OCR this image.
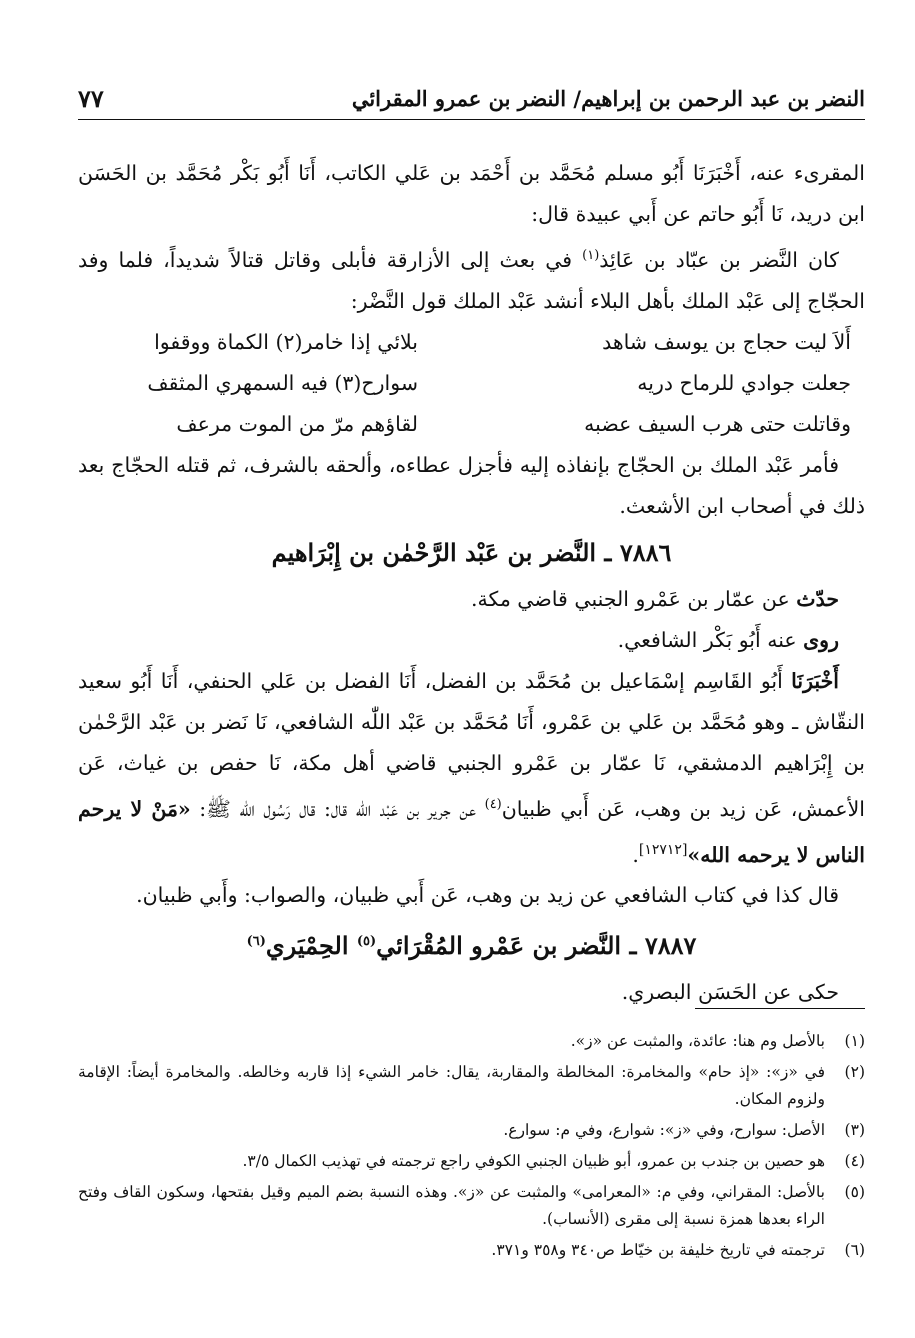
النضر بن عبد الرحمن بن إبراهيم/ النضر بن عمرو المقرائي
٧٧

المقرىء عنه، أَخْبَرَنَا أَبُو مسلم مُحَمَّد بن أَحْمَد بن عَلي الكاتب، أَنَا أَبُو بَكْر مُحَمَّد بن الحَسَن ابن دريد، نَا أَبُو حاتم عن أَبي عبيدة قال:

كان النَّضر بن عبّاد بن عَائِذ$^{(١)}$ في بعث إلى الأزارقة فأبلى وقاتل قتالاً شديداً، فلما وفد الحجّاج إلى عَبْد الملك بأهل البلاء أنشد عَبْد الملك قول النَّضْر:

أَلاَ ليت حجاج بن يوسف شاهد
بلائي إذا خامر(٢) الكماة ووقفوا
جعلت جوادي للرماح دريه
سوارح(٣) فيه السمهري المثقف
وقاتلت حتى هرب السيف عضبه
لقاؤهم مرّ من الموت مرعف

فأمر عَبْد الملك بن الحجّاج بإنفاذه إليه فأجزل عطاءه، وألحقه بالشرف، ثم قتله الحجّاج بعد ذلك في أصحاب ابن الأشعث.

٧٨٨٦ ـ النَّضر بن عَبْد الرَّحْمٰن بن إِبْرَاهيم

حدّث عن عمّار بن عَمْرو الجنبي قاضي مكة.

روى عنه أَبُو بَكْر الشافعي.

أَخْبَرَنَا أَبُو القَاسِم إسْمَاعيل بن مُحَمَّد بن الفضل، أَنَا الفضل بن عَلي الحنفي، أَنَا أَبُو سعيد النقّاش ـ وهو مُحَمَّد بن عَلي بن عَمْرو، أَنَا مُحَمَّد بن عَبْد اللّٰه الشافعي، نَا نَضر بن عَبْد الرَّحْمٰن بن إِبْرَاهيم الدمشقي، نَا عمّار بن عَمْرو الجنبي قاضي أهل مكة، نَا حفص بن غياث، عَن الأعمش، عَن زيد بن وهب، عَن أَبي ظبيان$^{(٤)}$ عن جرير بن عَبْد اللّٰه قال: قال رَسُول اللّٰه ﷺ: «مَنْ لا يرحم الناس لا يرحمه الله»[١٢٧١٢].

قال كذا في كتاب الشافعي عن زيد بن وهب، عَن أَبي ظبيان، والصواب: وأَبي ظبيان.

٧٨٨٧ ـ النَّضر بن عَمْرو المُقْرَائي$^{(٥)}$ الحِمْيَري$^{(٦)}$

حكى عن الحَسَن البصري.

(١)
بالأصل وم هنا: عائدة، والمثبت عن «ز».
(٢)
في «ز»: «إذ حام» والمخامرة: المخالطة والمقاربة، يقال: خامر الشيء إذا قاربه وخالطه. والمخامرة أيضاً: الإقامة ولزوم المكان.
(٣)
الأصل: سوارح، وفي «ز»: شوارع، وفي م: سوارع.
(٤)
هو حصين بن جندب بن عمرو، أبو ظبيان الجنبي الكوفي راجع ترجمته في تهذيب الكمال ٣/٥.
(٥)
بالأصل: المقراني، وفي م: «المعرامى» والمثبت عن «ز». وهذه النسبة بضم الميم وقيل بفتحها، وسكون القاف وفتح الراء بعدها همزة نسبة إلى مقرى (الأنساب).
(٦)
ترجمته في تاريخ خليفة بن خيّاط ص٣٤٠ و٣٥٨ و٣٧١.
